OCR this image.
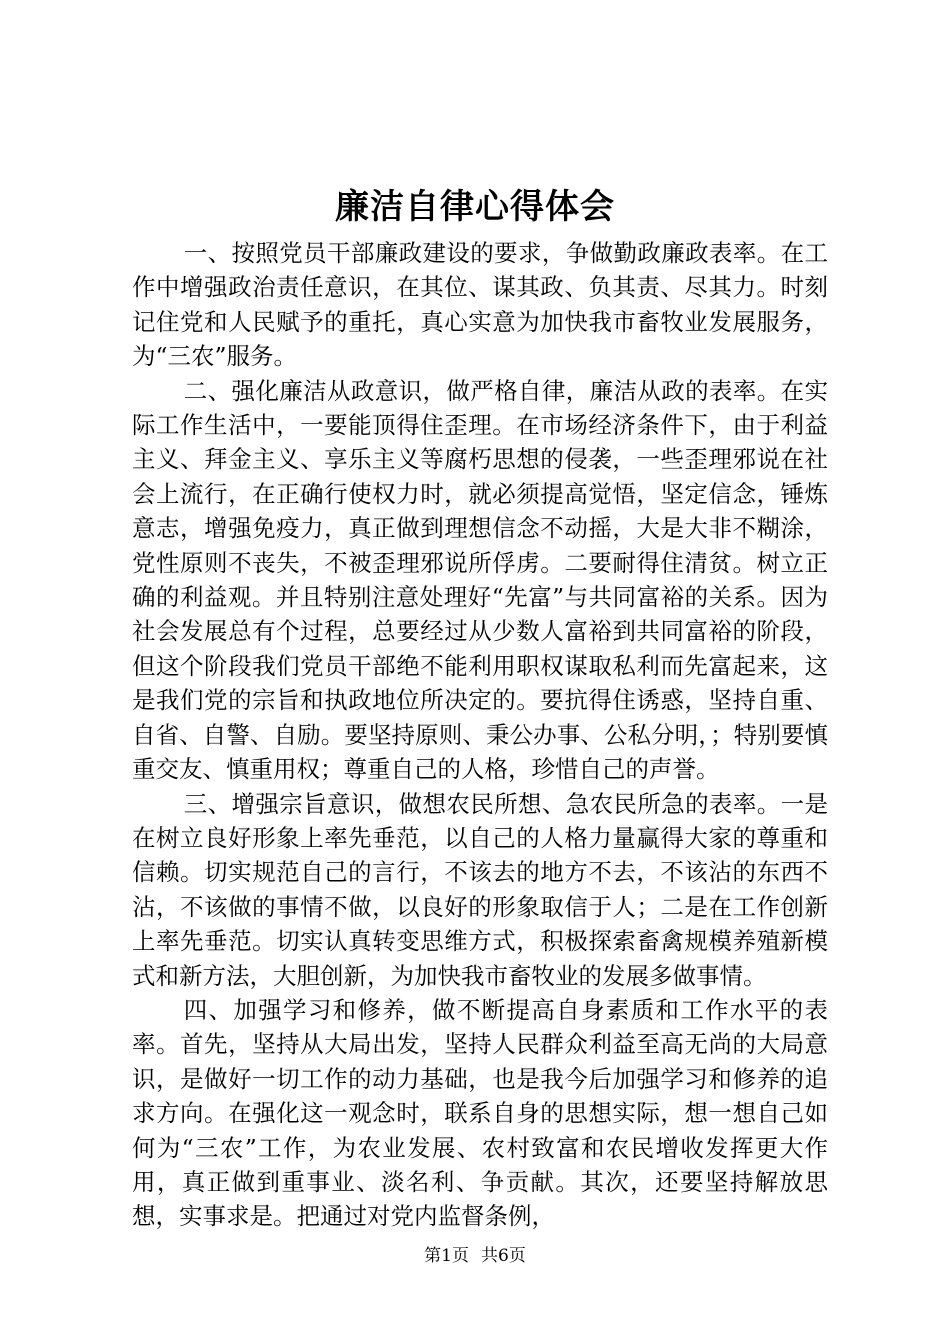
廉洁自律心得体会

一、按照党员干部廉政建设的要求，争做勤政廉政表率。在工作中增强政治责任意识，在其位、谋其政、负其责、尽其力。时刻记住党和人民赋予的重托，真心实意为加快我市畜牧业发展服务，为“三农”服务。

二、强化廉洁从政意识，做严格自律，廉洁从政的表率。在实际工作生活中，一要能顶得住歪理。在市场经济条件下，由于利益主义、拜金主义、享乐主义等腐朽思想的侵袭，一些歪理邪说在社会上流行，在正确行使权力时，就必须提高觉悟，坚定信念，锤炼意志，增强免疫力，真正做到理想信念不动摇，大是大非不糊涂，党性原则不丧失，不被歪理邪说所俘虏。二要耐得住清贫。树立正确的利益观。并且特别注意处理好“先富”与共同富裕的关系。因为社会发展总有个过程，总要经过从少数人富裕到共同富裕的阶段，但这个阶段我们党员干部绝不能利用职权谋取私利而先富起来，这是我们党的宗旨和执政地位所决定的。要抗得住诱惑，坚持自重、自省、自警、自励。要坚持原则、秉公办事、公私分明，；特别要慎重交友、慎重用权；尊重自己的人格，珍惜自己的声誉。

三、增强宗旨意识，做想农民所想、急农民所急的表率。一是在树立良好形象上率先垂范，以自己的人格力量赢得大家的尊重和信赖。切实规范自己的言行，不该去的地方不去，不该沾的东西不沾，不该做的事情不做，以良好的形象取信于人；二是在工作创新上率先垂范。切实认真转变思维方式，积极探索畜禽规模养殖新模式和新方法，大胆创新，为加快我市畜牧业的发展多做事情。

四、加强学习和修养，做不断提高自身素质和工作水平的表率。首先，坚持从大局出发，坚持人民群众利益至高无尚的大局意识，是做好一切工作的动力基础，也是我今后加强学习和修养的追求方向。在强化这一观念时，联系自身的思想实际，想一想自己如何为“三农”工作，为农业发展、农村致富和农民增收发挥更大作用，真正做到重事业、淡名利、争贡献。其次，还要坚持解放思想，实事求是。把通过对党内监督条例，

第1页 共6页
